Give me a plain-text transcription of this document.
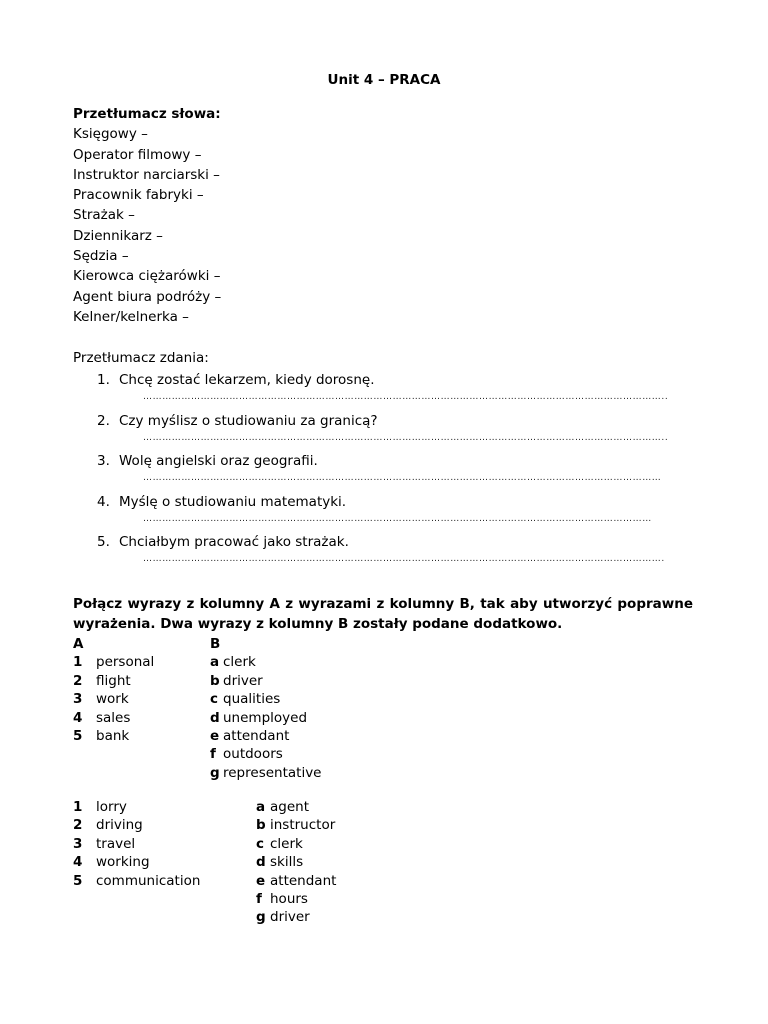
Unit 4 – PRACA
Przetłumacz słowa:
Księgowy –
Operator filmowy –
Instruktor narciarski –
Pracownik fabryki –
Strażak –
Dziennikarz –
Sędzia –
Kierowca ciężarówki –
Agent biura podróży –
Kelner/kelnerka –
Przetłumacz zdania:
1. Chcę zostać lekarzem, kiedy dorosnę.
………………………………………………………………………………………………………………………………………………..
2. Czy myślisz o studiowaniu za granicą?
………………………………………………………………………………………………………………………………………………..
3. Wolę angielski oraz geografii.
………………………………………………………………………………………………………………………………………………
4. Myślę o studiowaniu matematyki.
……………………………………………………………………………………………………………………………………………
5. Chciałbym pracować jako strażak.
……………………………………………………………………………………………………………………………………………….
Połącz wyrazy z kolumny A z wyrazami z kolumny B, tak aby utworzyć poprawne wyrażenia. Dwa wyrazy z kolumny B zostały podane dodatkowo.
A	B
1 personal	a clerk
2 flight	b driver
3 work	c qualities
4 sales	d unemployed
5 bank	e attendant
f outdoors
g representative
1 lorry	a agent
2 driving	b instructor
3 travel	c clerk
4 working	d skills
5 communication	e attendant
f hours
g driver
